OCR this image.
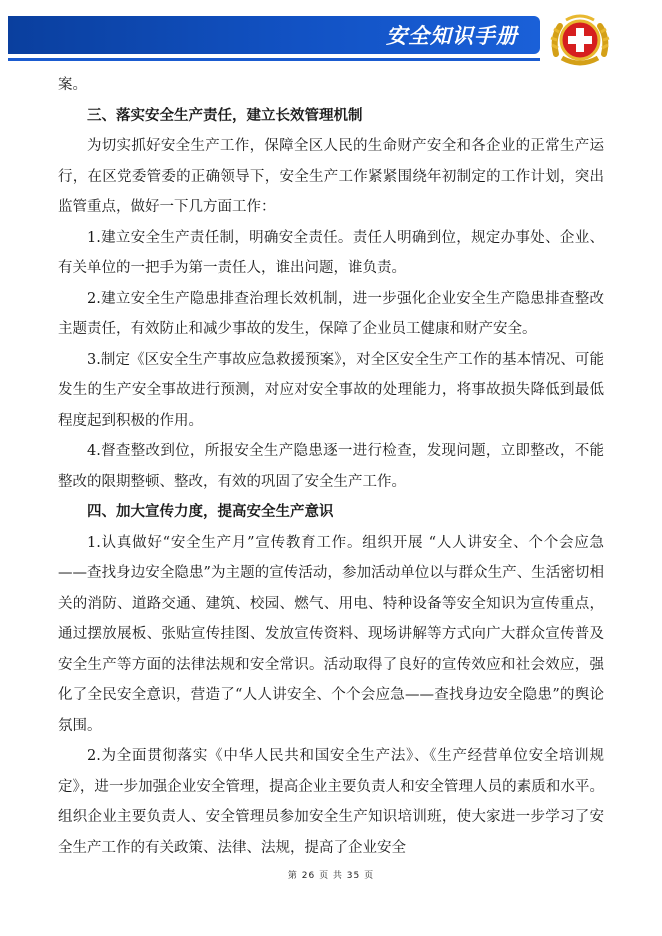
安全知识手册

案。

三、落实安全生产责任，建立长效管理机制

为切实抓好安全生产工作，保障全区人民的生命财产安全和各企业的正常生产运行，在区党委管委的正确领导下，安全生产工作紧紧围绕年初制定的工作计划，突出监管重点，做好一下几方面工作：

1.建立安全生产责任制，明确安全责任。责任人明确到位，规定办事处、企业、有关单位的一把手为第一责任人，谁出问题，谁负责。

2.建立安全生产隐患排查治理长效机制，进一步强化企业安全生产隐患排查整改主题责任，有效防止和减少事故的发生，保障了企业员工健康和财产安全。

3.制定《区安全生产事故应急救援预案》，对全区安全生产工作的基本情况、可能发生的生产安全事故进行预测，对应对安全事故的处理能力，将事故损失降低到最低程度起到积极的作用。

4.督查整改到位，所报安全生产隐患逐一进行检查，发现问题，立即整改，不能整改的限期整顿、整改，有效的巩固了安全生产工作。

四、加大宣传力度，提高安全生产意识

1.认真做好“安全生产月”宣传教育工作。组织开展 “人人讲安全、个个会应急——查找身边安全隐患”为主题的宣传活动，参加活动单位以与群众生产、生活密切相关的消防、道路交通、建筑、校园、燃气、用电、特种设备等安全知识为宣传重点，通过摆放展板、张贴宣传挂图、发放宣传资料、现场讲解等方式向广大群众宣传普及安全生产等方面的法律法规和安全常识。活动取得了良好的宣传效应和社会效应，强化了全民安全意识，营造了“人人讲安全、个个会应急——查找身边安全隐患”的舆论氛围。

2.为全面贯彻落实《中华人民共和国安全生产法》、《生产经营单位安全培训规定》，进一步加强企业安全管理，提高企业主要负责人和安全管理人员的素质和水平。组织企业主要负责人、安全管理员参加安全生产知识培训班，使大家进一步学习了安全生产工作的有关政策、法律、法规，提高了企业安全

第 26 页 共 35 页
